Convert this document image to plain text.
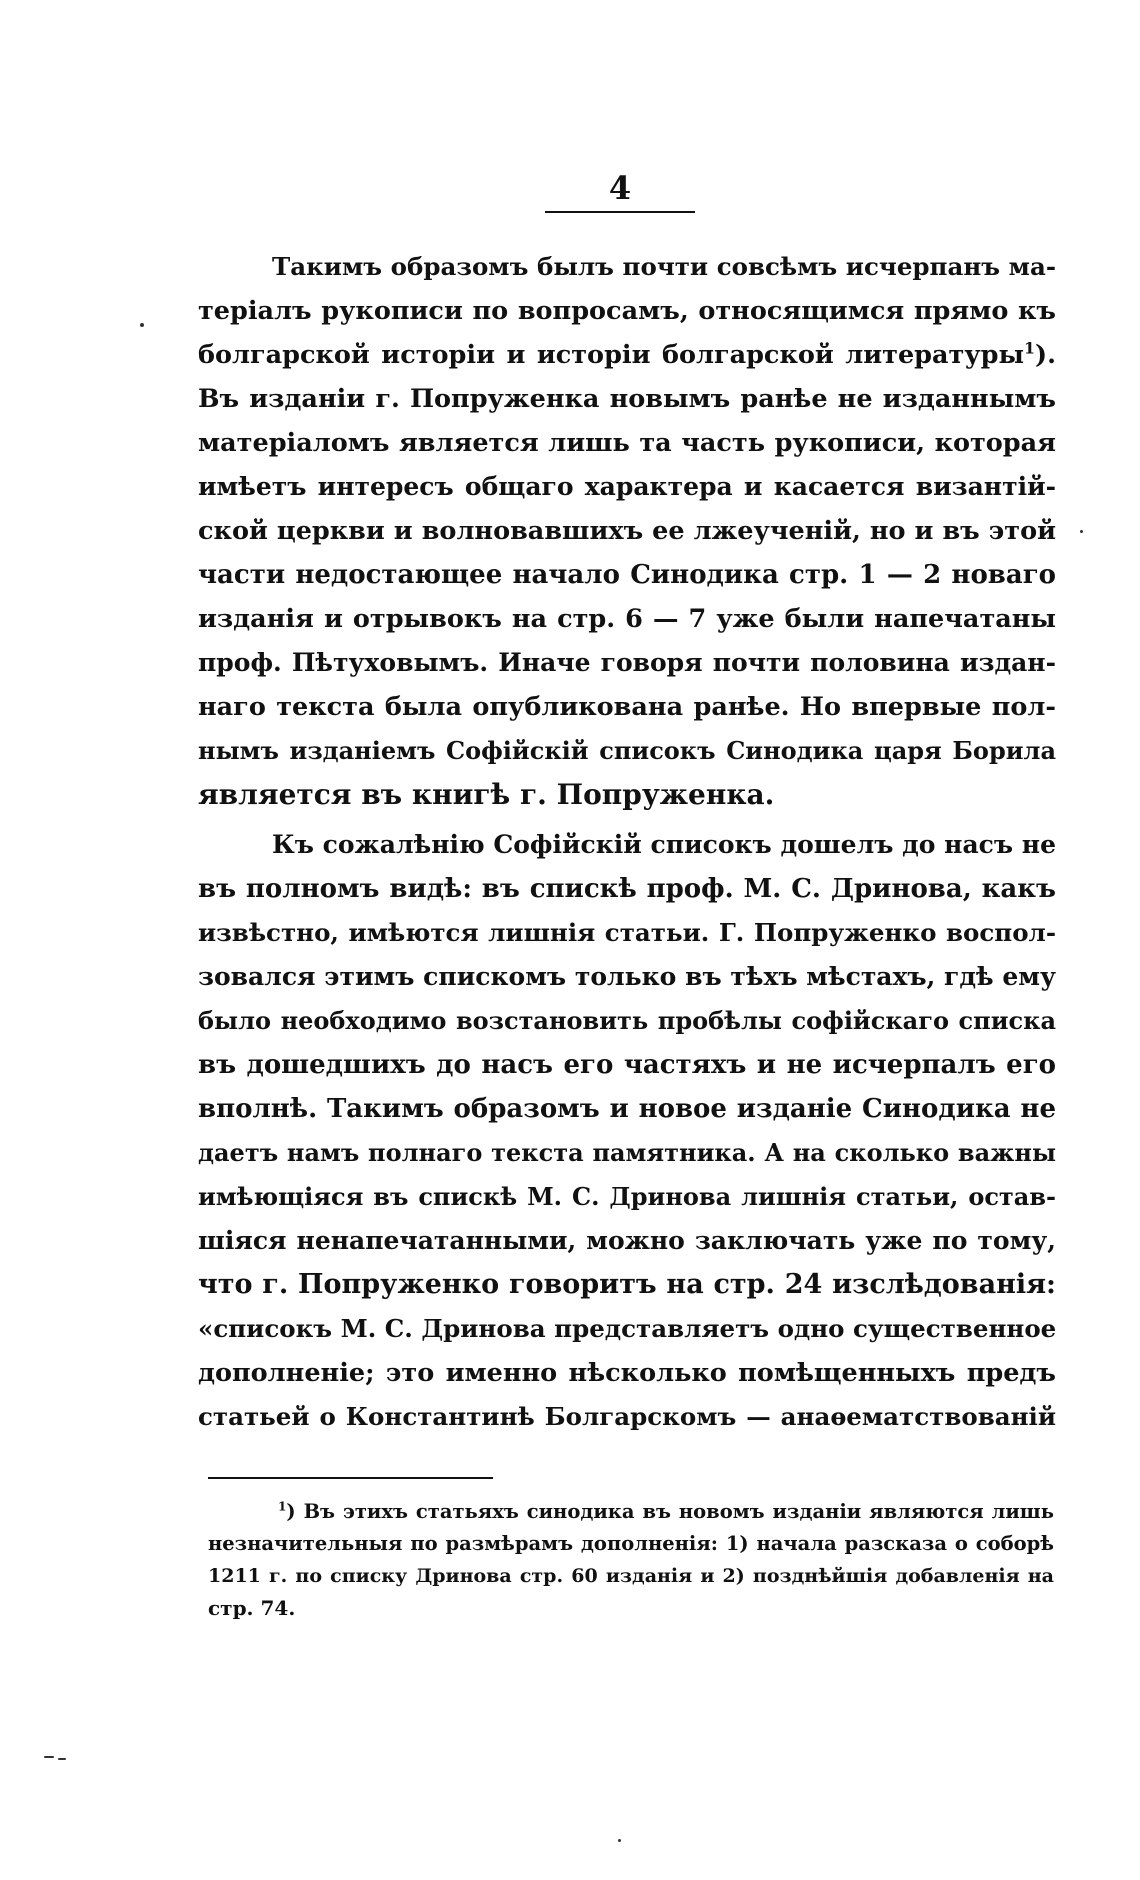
4
Такимъ образомъ былъ почти совсѣмъ исчерпанъ ма-
теріалъ рукописи по вопросамъ, относящимся прямо къ
болгарской исторіи и исторіи болгарской литературы$^1$).
Въ изданіи г. Попруженка новымъ ранѣе не изданнымъ
матеріаломъ является лишь та часть рукописи, которая
имѣетъ интересъ общаго характера и касается византій-
ской церкви и волновавшихъ ее лжеученій, но и въ этой
части недостающее начало Синодика стр. 1 — 2 новаго
изданія и отрывокъ на стр. 6 — 7 уже были напечатаны
проф. Пѣтуховымъ. Иначе говоря почти половина издан-
наго текста была опубликована ранѣе. Но впервые пол-
нымъ изданіемъ Софійскій списокъ Синодика царя Борила
является въ книгѣ г. Попруженка.
Къ сожалѣнію Софійскій списокъ дошелъ до насъ не
въ полномъ видѣ: въ спискѣ проф. М. С. Дринова, какъ
извѣстно, имѣются лишнія статьи. Г. Попруженко воспол-
зовался этимъ спискомъ только въ тѣхъ мѣстахъ, гдѣ ему
было необходимо возстановить пробѣлы софійскаго списка
въ дошедшихъ до насъ его частяхъ и не исчерпалъ его
вполнѣ. Такимъ образомъ и новое изданіе Синодика не
даетъ намъ полнаго текста памятника. А на сколько важны
имѣющіяся въ спискѣ М. С. Дринова лишнія статьи, остав-
шіяся ненапечатанными, можно заключать уже по тому,
что г. Попруженко говоритъ на стр. 24 изслѣдованія:
«списокъ М. С. Дринова представляетъ одно существенное
дополненіе; это именно нѣсколько помѣщенныхъ предъ
статьей о Константинѣ Болгарскомъ — анаѳематствованій
$^1$) Въ этихъ статьяхъ синодика въ новомъ изданіи являются лишь
незначительныя по размѣрамъ дополненія: 1) начала разсказа о соборѣ
1211 г. по списку Дринова стр. 60 изданія и 2) позднѣйшія добавленія на
стр. 74.
